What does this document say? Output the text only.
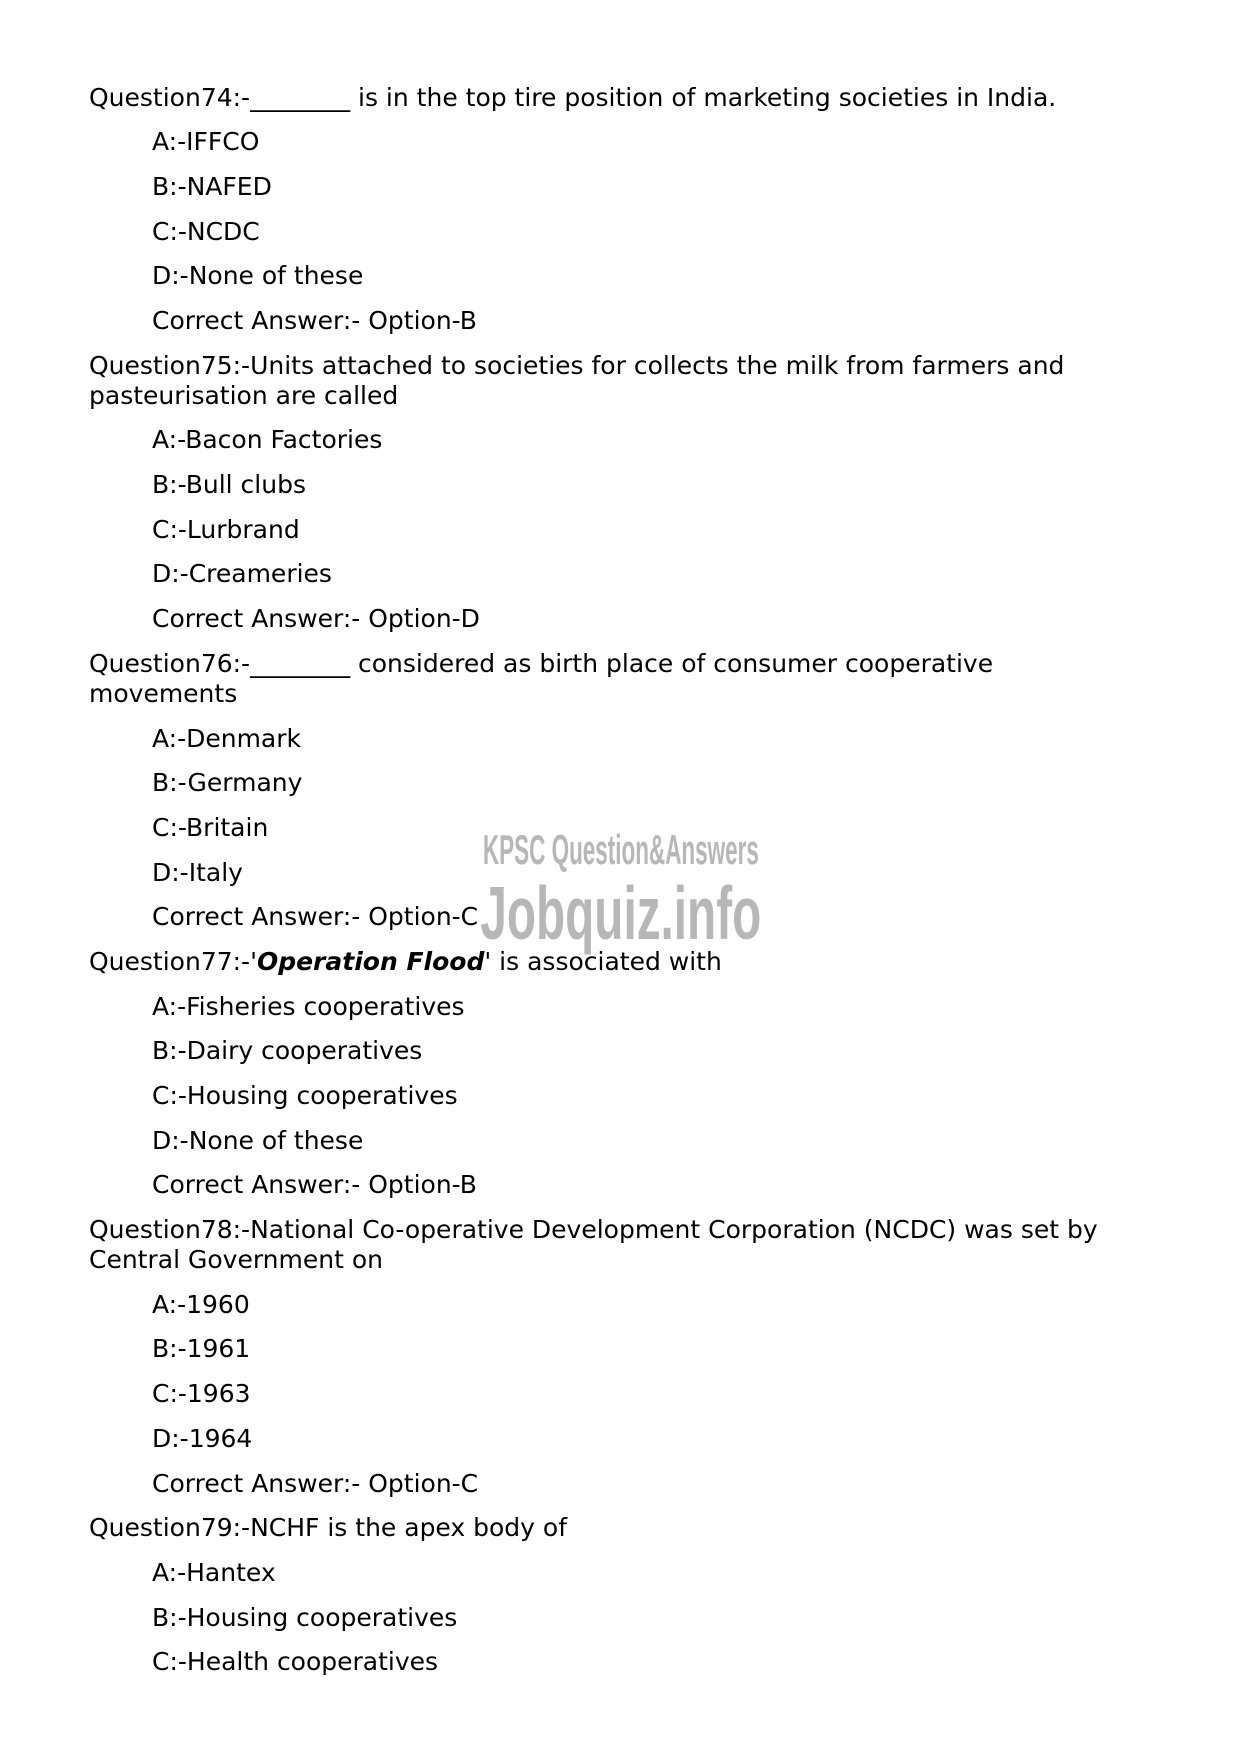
KPSC Question&Answers
Jobquiz.info
Question74:-________ is in the top tire position of marketing societies in India.
A:-IFFCO
B:-NAFED
C:-NCDC
D:-None of these
Correct Answer:- Option-B
Question75:-Units attached to societies for collects the milk from farmers and
pasteurisation are called
A:-Bacon Factories
B:-Bull clubs
C:-Lurbrand
D:-Creameries
Correct Answer:- Option-D
Question76:-________ considered as birth place of consumer cooperative
movements
A:-Denmark
B:-Germany
C:-Britain
D:-Italy
Correct Answer:- Option-C
Question77:-'Operation Flood' is associated with
A:-Fisheries cooperatives
B:-Dairy cooperatives
C:-Housing cooperatives
D:-None of these
Correct Answer:- Option-B
Question78:-National Co-operative Development Corporation (NCDC) was set by
Central Government on
A:-1960
B:-1961
C:-1963
D:-1964
Correct Answer:- Option-C
Question79:-NCHF is the apex body of
A:-Hantex
B:-Housing cooperatives
C:-Health cooperatives
